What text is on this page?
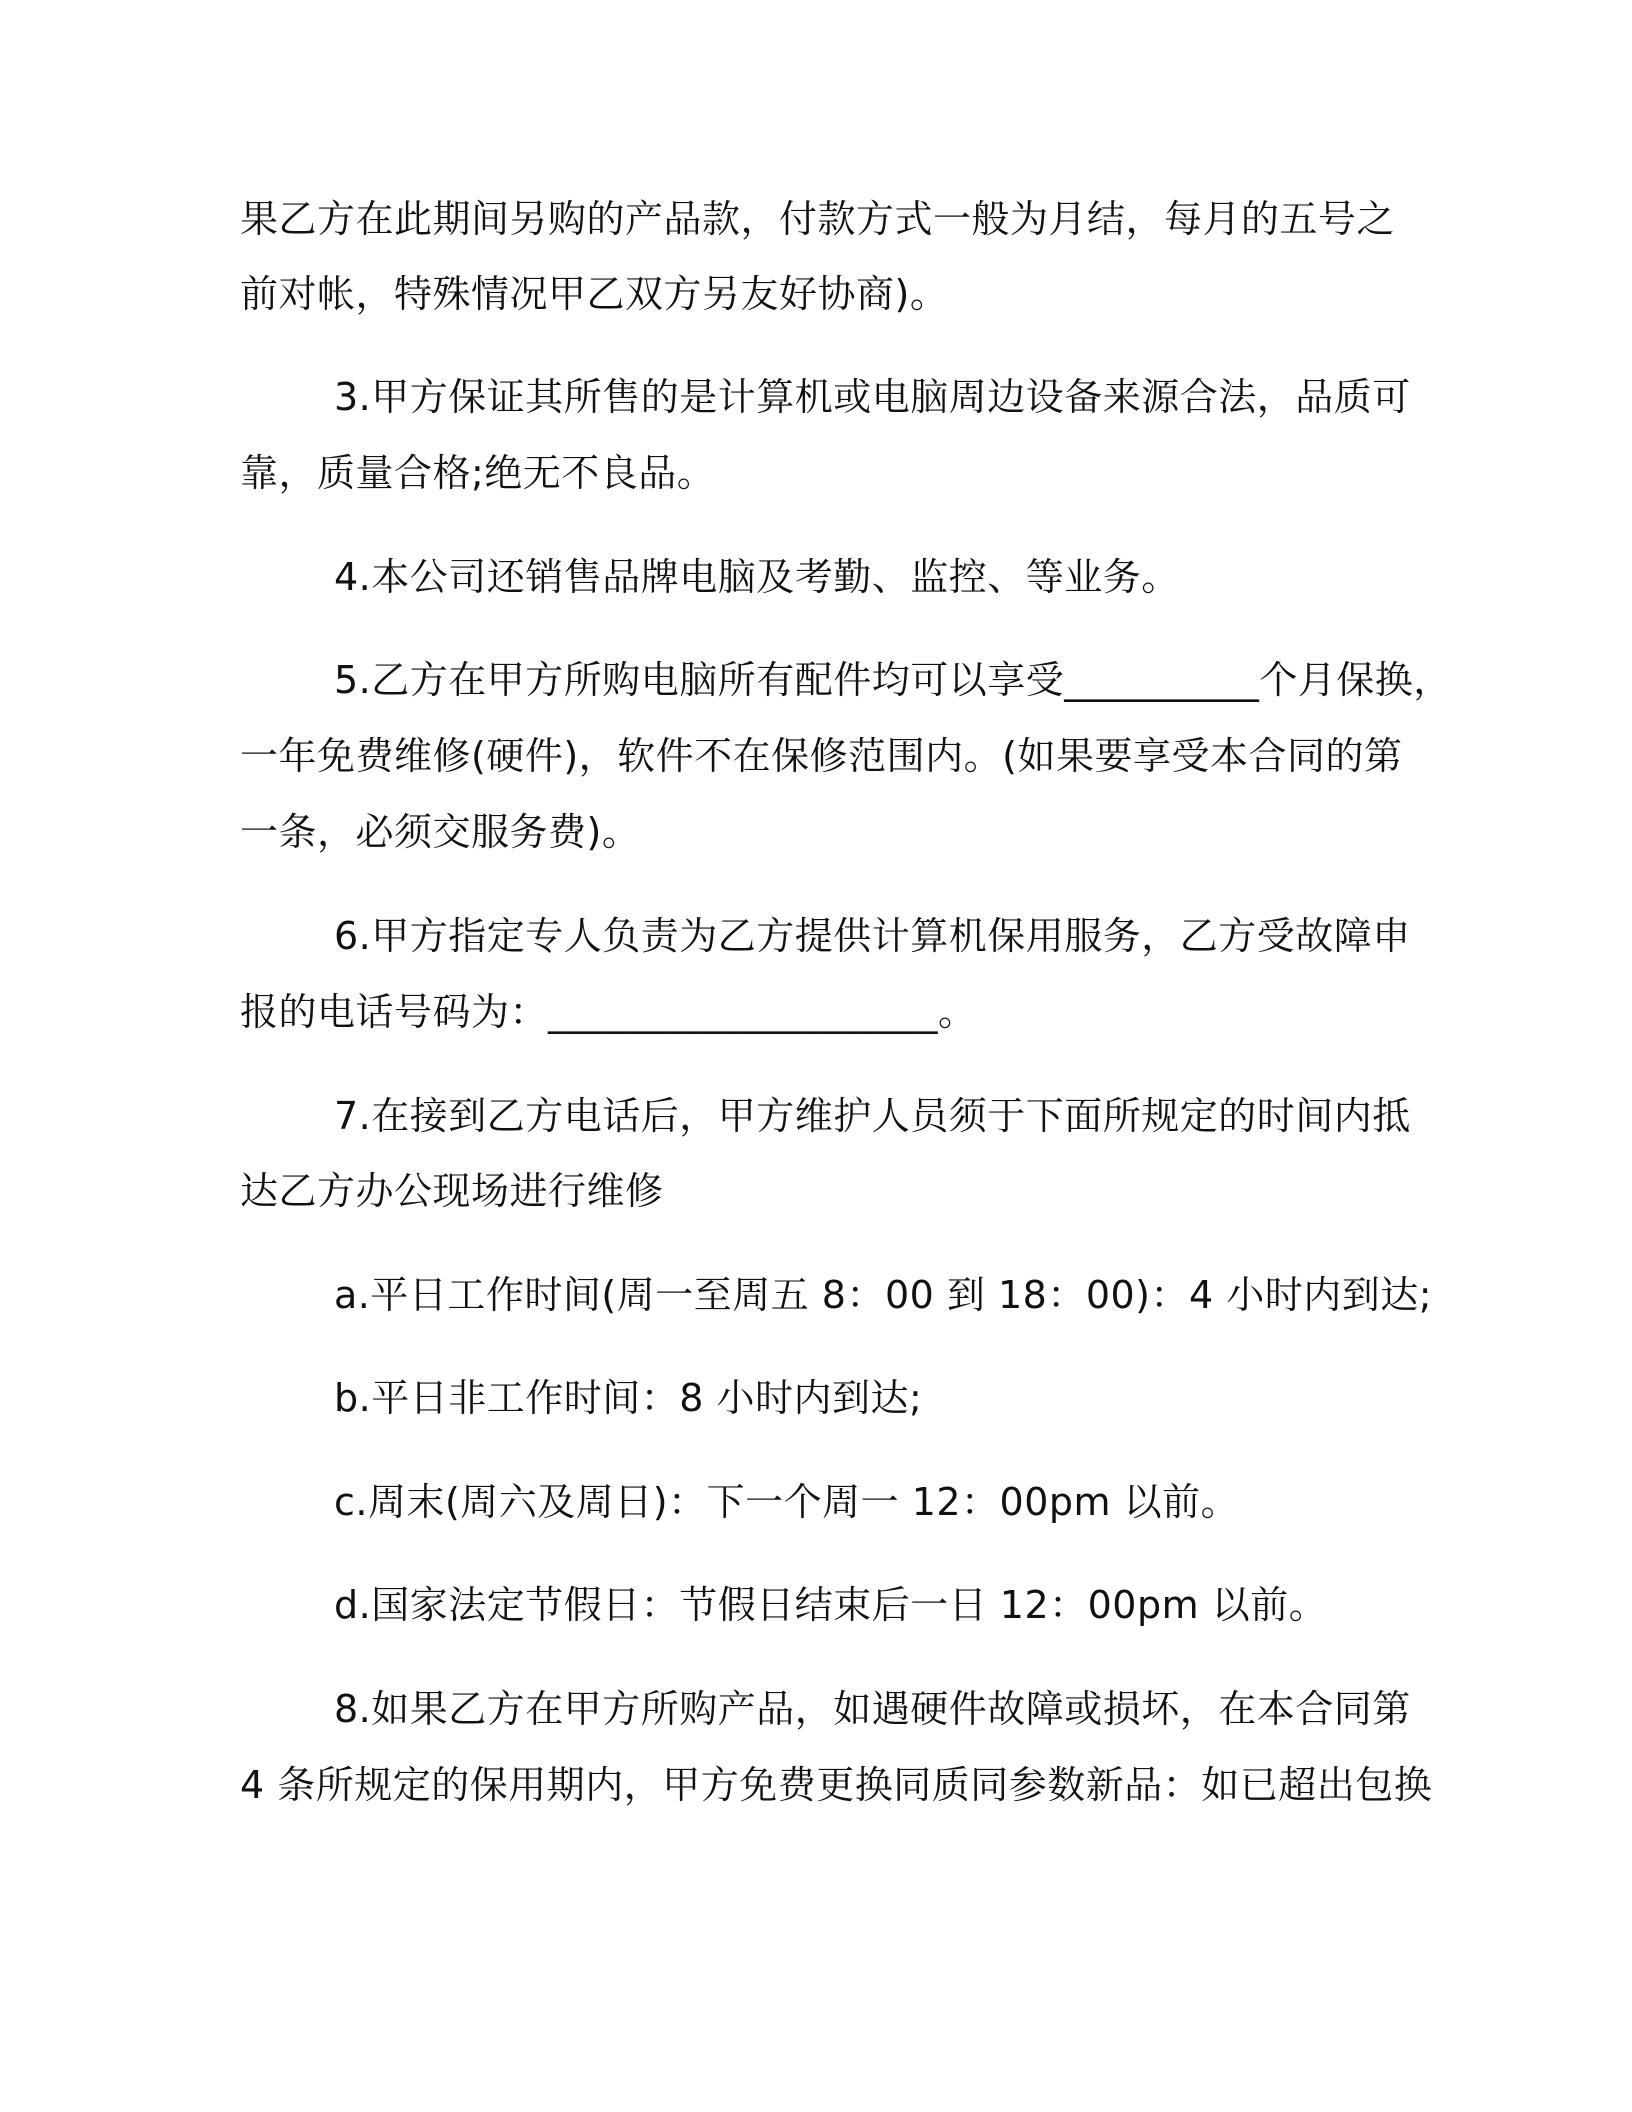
果乙方在此期间另购的产品款，付款方式一般为月结，每月的五号之
前对帐，特殊情况甲乙双方另友好协商)。
3.甲方保证其所售的是计算机或电脑周边设备来源合法，品质可
靠，质量合格;绝无不良品。
4.本公司还销售品牌电脑及考勤、监控、等业务。
5.乙方在甲方所购电脑所有配件均可以享受__________个月保换，
一年免费维修(硬件)，软件不在保修范围内。(如果要享受本合同的第
一条，必须交服务费)。
6.甲方指定专人负责为乙方提供计算机保用服务，乙方受故障申
报的电话号码为：____________________。
7.在接到乙方电话后，甲方维护人员须于下面所规定的时间内抵
达乙方办公现场进行维修
a.平日工作时间(周一至周五 8：00 到 18：00)：4 小时内到达;
b.平日非工作时间：8 小时内到达;
c.周末(周六及周日)：下一个周一 12：00pm 以前。
d.国家法定节假日：节假日结束后一日 12：00pm 以前。
8.如果乙方在甲方所购产品，如遇硬件故障或损坏，在本合同第
4 条所规定的保用期内，甲方免费更换同质同参数新品：如已超出包换
